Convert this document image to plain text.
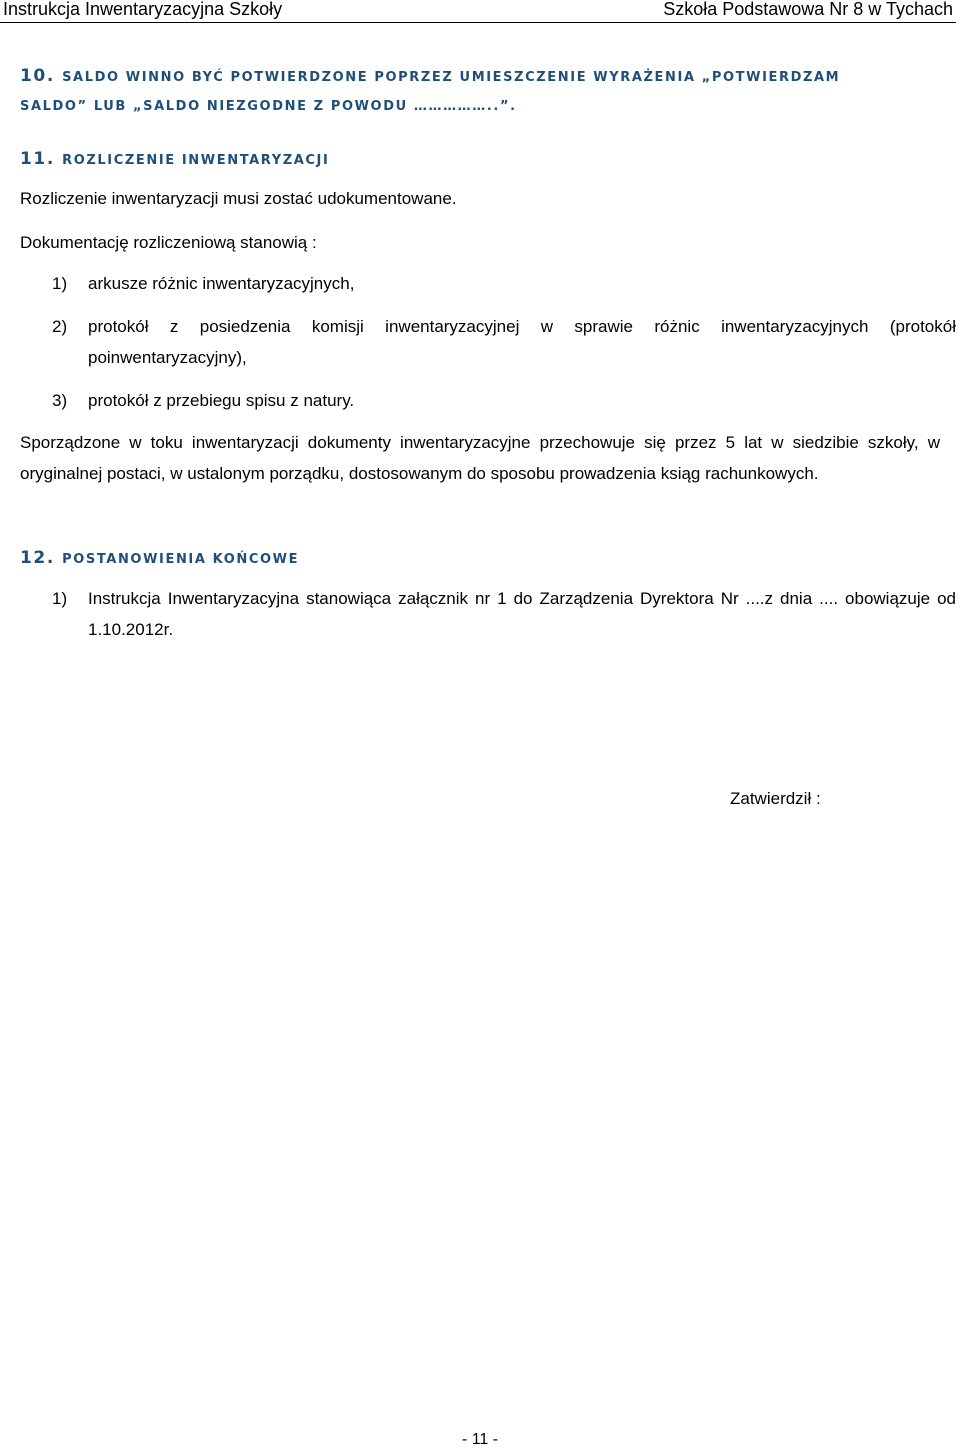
Instrukcja Inwentaryzacyjna Szkoły	Szkoła Podstawowa Nr 8 w Tychach
10. SALDO WINNO BYĆ POTWIERDZONE POPRZEZ UMIESZCZENIE WYRAŻENIA „POTWIERDZAM
SALDO” LUB „SALDO NIEZGODNE Z POWODU ……………..”.
11. ROZLICZENIE INWENTARYZACJI
Rozliczenie inwentaryzacji musi zostać udokumentowane.
Dokumentację rozliczeniową stanowią :
1) arkusze różnic inwentaryzacyjnych,
2) protokół z posiedzenia komisji inwentaryzacyjnej w sprawie różnic inwentaryzacyjnych (protokół poinwentaryzacyjny),
3) protokół z przebiegu spisu z natury.
Sporządzone w toku inwentaryzacji dokumenty inwentaryzacyjne przechowuje się przez 5 lat w siedzibie szkoły, w oryginalnej postaci, w ustalonym porządku, dostosowanym do sposobu prowadzenia ksiąg rachunkowych.
12. POSTANOWIENIA KOŃCOWE
1) Instrukcja Inwentaryzacyjna stanowiąca załącznik nr 1 do Zarządzenia Dyrektora Nr ....z dnia .... obowiązuje od 1.10.2012r.
Zatwierdził :
- 11 -
